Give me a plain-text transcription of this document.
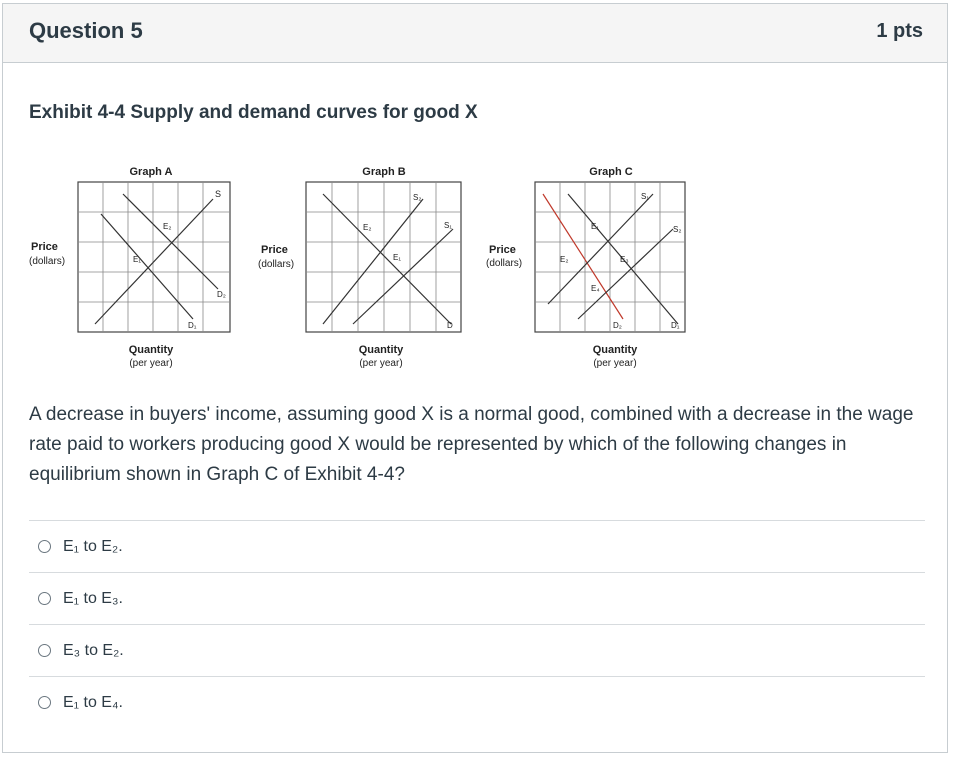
Question 5	1 pts
Exhibit 4-4 Supply and demand curves for good X
Graph A
S
E₂
E₁
D₂
D₁
Price
(dollars)
Quantity
(per year)
Graph B
S₂
S₁
E₂
E₁
D
Price
(dollars)
Quantity
(per year)
Graph C
S₁
S₂
E₁
E₂	E₃
E₄
D₂	D₁
Price
(dollars)
Quantity
(per year)
A decrease in buyers' income, assuming good X is a normal good, combined with a decrease in the wage rate paid to workers producing good X would be represented by which of the following changes in equilibrium shown in Graph C of Exhibit 4-4?
E₁ to E₂.
E₁ to E₃.
E₃ to E₂.
E₁ to E₄.
